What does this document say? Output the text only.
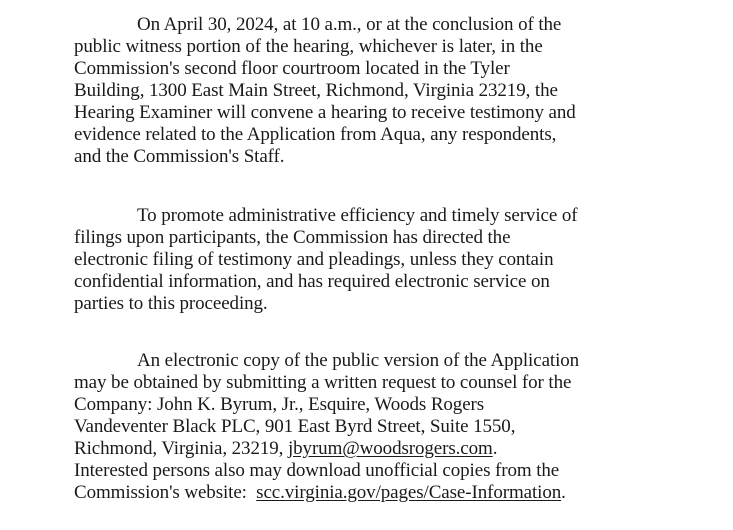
On April 30, 2024, at 10 a.m., or at the conclusion of the
public witness portion of the hearing, whichever is later, in the
Commission's second floor courtroom located in the Tyler
Building, 1300 East Main Street, Richmond, Virginia 23219, the
Hearing Examiner will convene a hearing to receive testimony and
evidence related to the Application from Aqua, any respondents,
and the Commission's Staff.
To promote administrative efficiency and timely service of
filings upon participants, the Commission has directed the
electronic filing of testimony and pleadings, unless they contain
confidential information, and has required electronic service on
parties to this proceeding.
An electronic copy of the public version of the Application
may be obtained by submitting a written request to counsel for the
Company: John K. Byrum, Jr., Esquire, Woods Rogers
Vandeventer Black PLC, 901 East Byrd Street, Suite 1550,
Richmond, Virginia, 23219, jbyrum@woodsrogers.com.
Interested persons also may download unofficial copies from the
Commission's website:  scc.virginia.gov/pages/Case-Information.
